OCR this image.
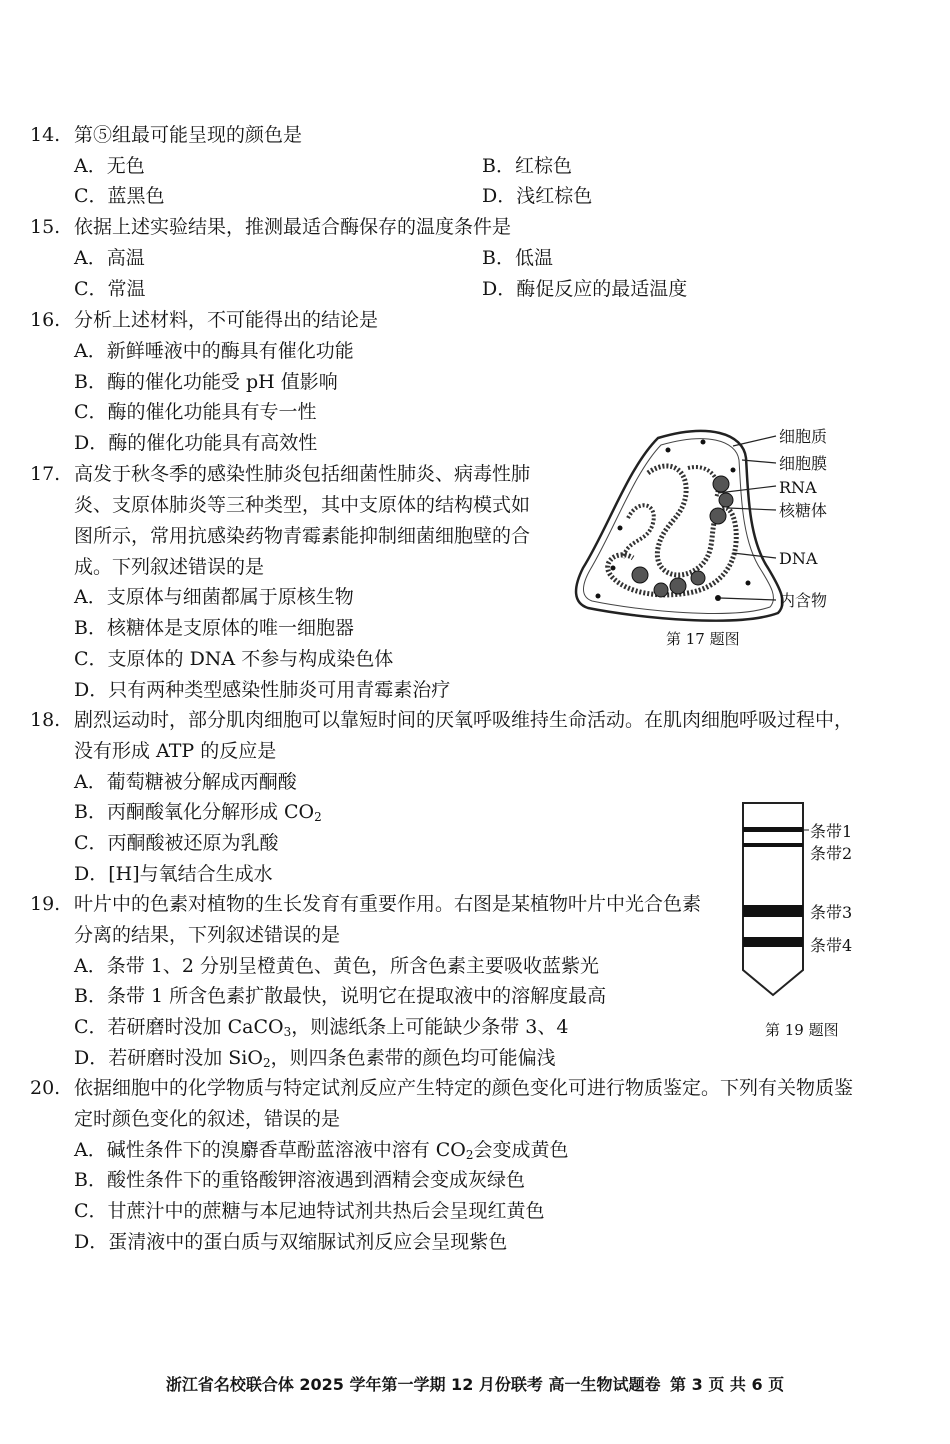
14. 第⑤组最可能呈现的颜色是
A．无色	B．红棕色
C．蓝黑色	D．浅红棕色
15. 依据上述实验结果，推测最适合酶保存的温度条件是
A．高温	B．低温
C．常温	D．酶促反应的最适温度
16. 分析上述材料，不可能得出的结论是
A．新鲜唾液中的酶具有催化功能
B．酶的催化功能受 pH 值影响
C．酶的催化功能具有专一性
D．酶的催化功能具有高效性
17. 高发于秋冬季的感染性肺炎包括细菌性肺炎、病毒性肺
炎、支原体肺炎等三种类型，其中支原体的结构模式如
图所示，常用抗感染药物青霉素能抑制细菌细胞壁的合
成。下列叙述错误的是
A．支原体与细菌都属于原核生物
B．核糖体是支原体的唯一细胞器
C．支原体的 DNA 不参与构成染色体
D．只有两种类型感染性肺炎可用青霉素治疗
细胞质
细胞膜
RNA
核糖体
DNA
内含物
第 17 题图
18. 剧烈运动时，部分肌肉细胞可以靠短时间的厌氧呼吸维持生命活动。在肌肉细胞呼吸过程中，
没有形成 ATP 的反应是
A．葡萄糖被分解成丙酮酸
B．丙酮酸氧化分解形成 $CO_2$
C．丙酮酸被还原为乳酸
D．[H]与氧结合生成水
条带1
条带2
条带3
条带4
第 19 题图
19. 叶片中的色素对植物的生长发育有重要作用。右图是某植物叶片中光合色素
分离的结果，下列叙述错误的是
A．条带 1、2 分别呈橙黄色、黄色，所含色素主要吸收蓝紫光
B．条带 1 所含色素扩散最快，说明它在提取液中的溶解度最高
C．若研磨时没加 CaCO$_3$，则滤纸条上可能缺少条带 3、4
D．若研磨时没加 SiO$_2$，则四条色素带的颜色均可能偏浅
20. 依据细胞中的化学物质与特定试剂反应产生特定的颜色变化可进行物质鉴定。下列有关物质鉴
定时颜色变化的叙述，错误的是
A．碱性条件下的溴麝香草酚蓝溶液中溶有 $CO_2$会变成黄色
B．酸性条件下的重铬酸钾溶液遇到酒精会变成灰绿色
C．甘蔗汁中的蔗糖与本尼迪特试剂共热后会呈现红黄色
D．蛋清液中的蛋白质与双缩脲试剂反应会呈现紫色
浙江省名校联合体 2025 学年第一学期 12 月份联考 高一生物试题卷 第 3 页 共 6 页
